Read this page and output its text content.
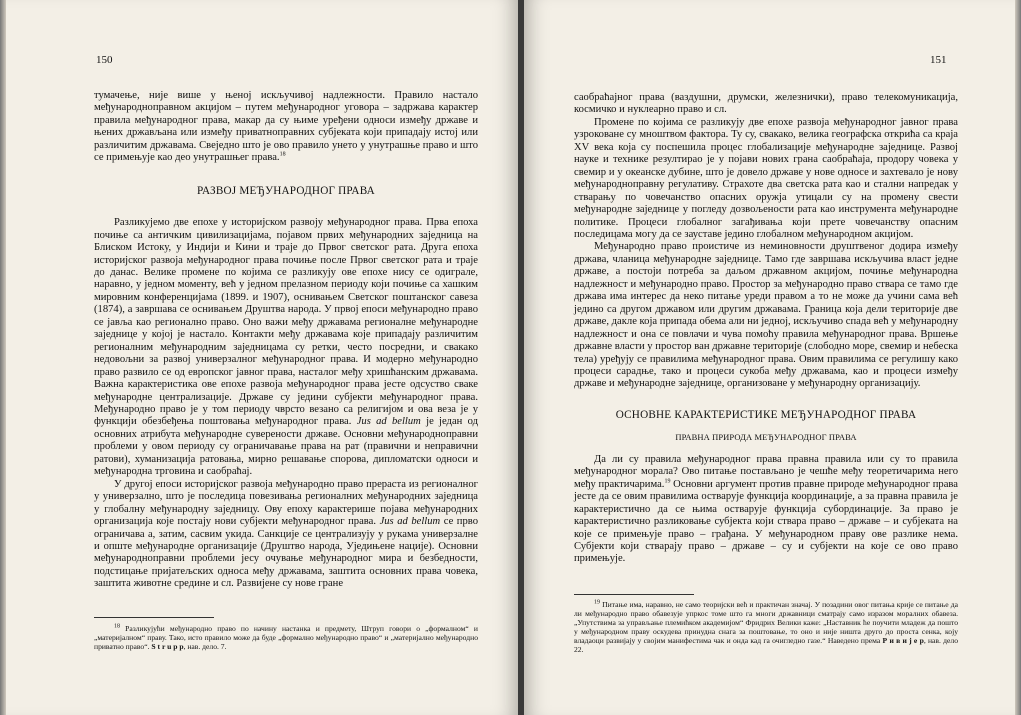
150

тумачење, није више у њеној искључивој надлежности. Правило настало међународноправном акцијом – путем међународног уговора – задржава карактер правила међународног права, макар да су њиме уређени односи између државе и њених држављана или између приватноправних субјеката који припадају истој или различитим државама. Свеједно што је ово правило унето у унутрашње право и што се примењује као део унутрашњег права.$^{18}$

РАЗВОЈ МЕЂУНАРОДНОГ ПРАВА

Разликујемо две епохе у историјском развоју међународног права. Прва епоха почиње са античким цивилизацијама, појавом првих међународних заједница на Блиском Истоку, у Индији и Кини и траје до Првог светског рата. Друга епоха историјског развоја међународног права почиње после Првог светског рата и траје до данас. Велике промене по којима се разликују ове епохе нису се одиграле, наравно, у једном моменту, већ у једном прелазном периоду који почиње са хашким мировним конференцијама (1899. и 1907), оснивањем Светског поштанског савеза (1874), а завршава се оснивањем Друштва народа. У првој епоси међународно право се јавља као регионално право. Оно важи међу државама регионалне међународне заједнице у којој је настало. Контакти међу државама које припадају различитим регионалним међународним заједницама су ретки, често посредни, и свакако недовољни за развој универзалног међународног права. И модерно међународно право развило се од европског јавног права, насталог међу хришћанским државама. Важна карактеристика ове епохе развоја међународног права јесте одсуство сваке међународне централизације. Државе су једини субјекти међународног права. Међународно право је у том периоду чврсто везано са религијом и ова веза је у функцији обезбеђења поштовања међународног права. Jus ad bellum је један од основних атрибута међународне суверености државе. Основни међународноправни проблеми у овом периоду су ограничавање права на рат (правични и неправични ратови), хуманизација ратовања, мирно решавање спорова, дипломатски односи и међународна трговина и саобраћај.

У другој епоси историјског развоја међународно право прераста из регионалног у универзално, што је последица повезивања регионалних међународних заједница у глобалну међународну заједницу. Ову епоху карактерише појава међународних организација које постају нови субјекти међународног права. Jus ad bellum се прво ограничава а, затим, сасвим укида. Санкције се централизују у рукама универзалне и опште међународне организације (Друштво народа, Уједињене нације). Основни међународноправни проблеми јесу очување међународног мира и безбедности, подстицање пријатељских односа међу државама, заштита основних права човека, заштита животне средине и сл. Развијене су нове гране

$^{18}$ Разликујући међународно право по начину настанка и предмету, Штруп говори о „формалном“ и „материјалном“ праву. Тако, исто правило може да буде „формално међународно право“ и „материјално међународно приватно право“. S t r u p p, нав. дело. 7.

151

саобраћајног права (ваздушни, друмски, железнички), право телекомуникација, космичко и нуклеарно право и сл.

Промене по којима се разликују две епохе развоја међународног јавног права узроковане су мноштвом фактора. Ту су, свакако, велика географска открића са краја XV века која су поспешила процес глобализације међународне заједнице. Развој науке и технике резултирао је у појави нових грана саобраћаја, продору човека у свемир и у океанске дубине, што је довело државе у нове односе и захтевало је нову међународноправну регулативу. Страхоте два светска рата као и стални напредак у стварању по човечанство опасних оружја утицали су на промену свести међународне заједнице у погледу дозвољености рата као инструмента међународне политике. Процеси глобалног загађивања који прете човечанству опасним последицама могу да се зауставе једино глобалном међународном акцијом.

Међународно право проистиче из неминовности друштвеног додира између држава, чланица међународне заједнице. Тамо где завршава искључива власт једне државе, а постоји потреба за даљом државном акцијом, почиње међународна надлежност и међународно право. Простор за међународно право ствара се тамо где држава има интерес да неко питање уреди правом а то не може да учини сама већ једино са другом државом или другим државама. Граница која дели територије две државе, дакле која припада обема али ни једној, искључиво спада већ у међународну надлежност и она се повлачи и чува помоћу правила међународног права. Вршење државне власти у простор ван државне територије (слободно море, свемир и небеска тела) уређују се правилима међународног права. Овим правилима се регулишу како процеси сарадње, тако и процеси сукоба међу државама, као и процеси између државе и међународне заједнице, организоване у међународну организацију.

ОСНОВНЕ КАРАКТЕРИСТИКЕ МЕЂУНАРОДНОГ ПРАВА

ПРАВНА ПРИРОДА МЕЂУНАРОДНОГ ПРАВА

Да ли су правила међународног права правна правила или су то правила међународног морала? Ово питање постављано је чешће међу теоретичарима него међу практичарима.$^{19}$ Основни аргумент против правне природе међународног права јесте да се овим правилима остварује функција координације, а за правна правила је карактеристично да се њима остварује функција субординације. За право је карактеристично разликовање субјекта који ствара право – државе – и субјеката на које се примењује право – грађана. У међународном праву ове разлике нема. Субјекти који стварају право – државе – су и субјекти на које се ово право примењује.

$^{19}$ Питање има, наравно, не само теоријски већ и практичан значај. У позадини овог питања крије се питање да ли међународно право обавезује упркос томе што га многи државници сматрају само изразом моралних обавеза. „Упутствима за управљање племићком академијом“ Фридрих Велики каже: „Наставник ће поучити младеж да пошто у међународном праву оскудева принудна снага за поштовање, то оно и није ништа друго до проста сенка, коју владаоци развијају у својим манифестима чак и онда кад га очигледно газе.“ Наведено према Р и в и ј е р, нав. дело 22.
